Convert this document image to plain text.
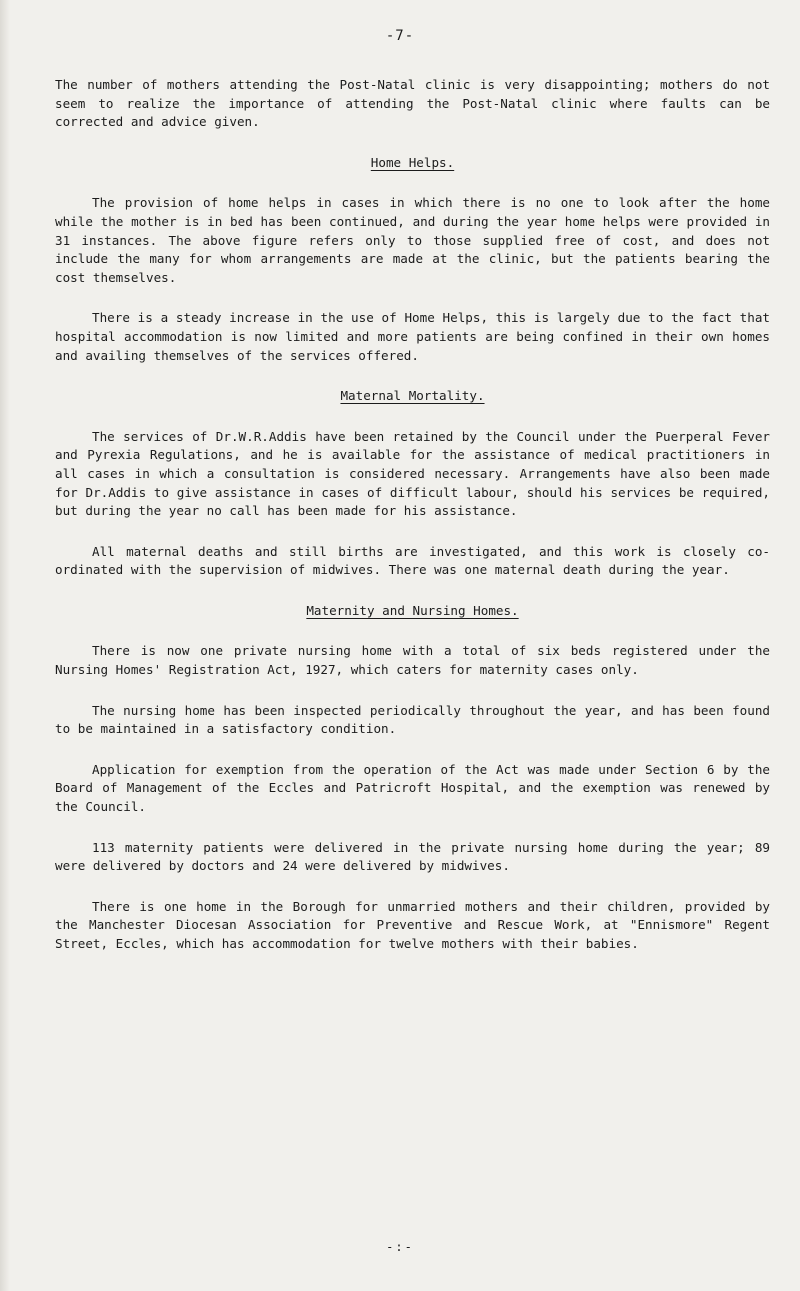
-7-

The number of mothers attending the Post-Natal clinic is very disappointing; mothers do not seem to realize the importance of attending the Post-Natal clinic where faults can be corrected and advice given.

Home Helps.

The provision of home helps in cases in which there is no one to look after the home while the mother is in bed has been continued, and during the year home helps were provided in 31 instances. The above figure refers only to those supplied free of cost, and does not include the many for whom arrangements are made at the clinic, but the patients bearing the cost themselves.

There is a steady increase in the use of Home Helps, this is largely due to the fact that hospital accommodation is now limited and more patients are being confined in their own homes and availing themselves of the services offered.

Maternal Mortality.

The services of Dr.W.R.Addis have been retained by the Council under the Puerperal Fever and Pyrexia Regulations, and he is available for the assistance of medical practitioners in all cases in which a consultation is considered necessary. Arrangements have also been made for Dr.Addis to give assistance in cases of difficult labour, should his services be required, but during the year no call has been made for his assistance.

All maternal deaths and still births are investigated, and this work is closely co-ordinated with the supervision of midwives. There was one maternal death during the year.

Maternity and Nursing Homes.

There is now one private nursing home with a total of six beds registered under the Nursing Homes' Registration Act, 1927, which caters for maternity cases only.

The nursing home has been inspected periodically throughout the year, and has been found to be maintained in a satisfactory condition.

Application for exemption from the operation of the Act was made under Section 6 by the Board of Management of the Eccles and Patricroft Hospital, and the exemption was renewed by the Council.

113 maternity patients were delivered in the private nursing home during the year; 89 were delivered by doctors and 24 were delivered by midwives.

There is one home in the Borough for unmarried mothers and their children, provided by the Manchester Diocesan Association for Preventive and Rescue Work, at "Ennismore" Regent Street, Eccles, which has accommodation for twelve mothers with their babies.

-:-
